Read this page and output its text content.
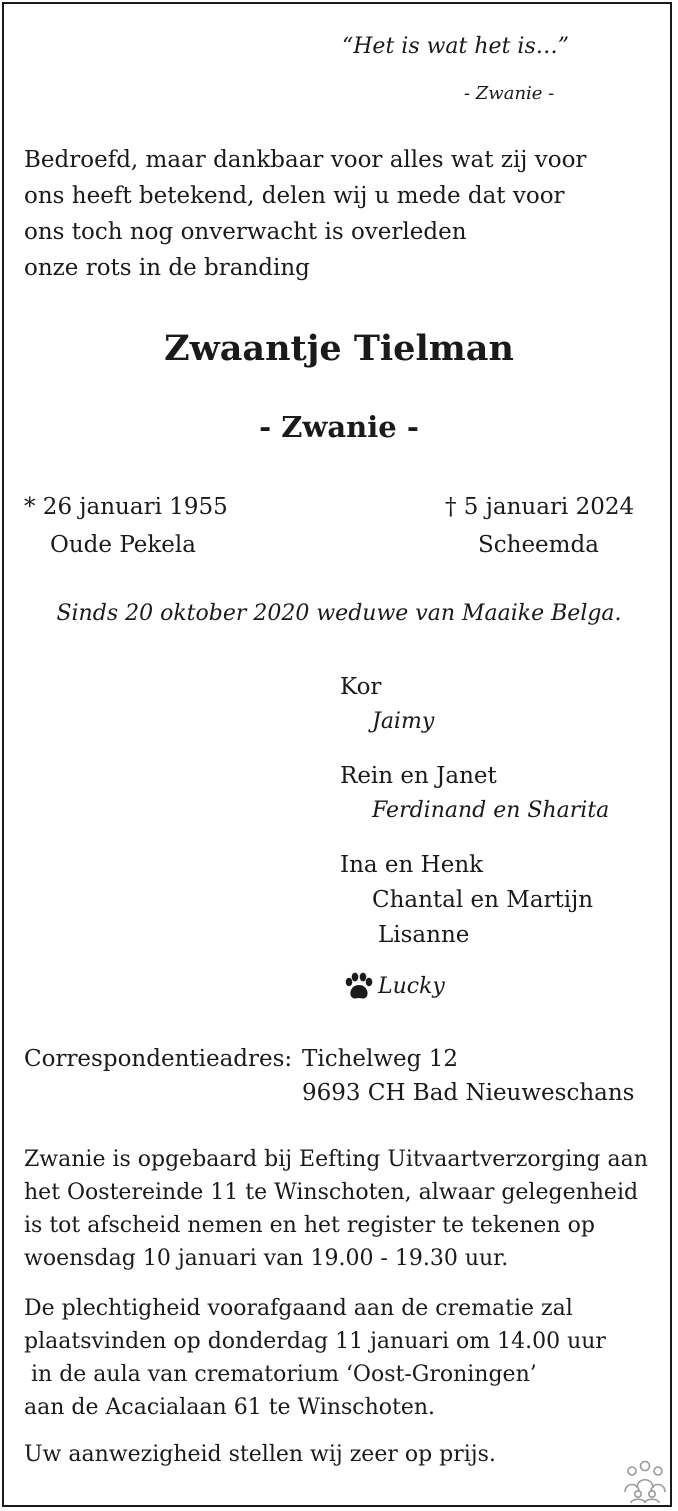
“Het is wat het is…”
- Zwanie -
Bedroefd, maar dankbaar voor alles wat zij voor
ons heeft betekend, delen wij u mede dat voor
ons toch nog onverwacht is overleden
onze rots in de branding
Zwaantje Tielman
- Zwanie -
* 26 januari 1955
Oude Pekela
† 5 januari 2024
Scheemda
Sinds 20 oktober 2020 weduwe van Maaike Belga.
Kor
Jaimy
Rein en Janet
Ferdinand en Sharita
Ina en Henk
Chantal en Martijn
Lisanne
Lucky
Correspondentieadres: Tichelweg 12
9693 CH Bad Nieuweschans
Zwanie is opgebaard bij Eefting Uitvaartverzorging aan
het Oostereinde 11 te Winschoten, alwaar gelegenheid
is tot afscheid nemen en het register te tekenen op
woensdag 10 januari van 19.00 - 19.30 uur.
De plechtigheid voorafgaand aan de crematie zal
plaatsvinden op donderdag 11 januari om 14.00 uur
in de aula van crematorium ‘Oost-Groningen’
aan de Acacialaan 61 te Winschoten.
Uw aanwezigheid stellen wij zeer op prijs.
